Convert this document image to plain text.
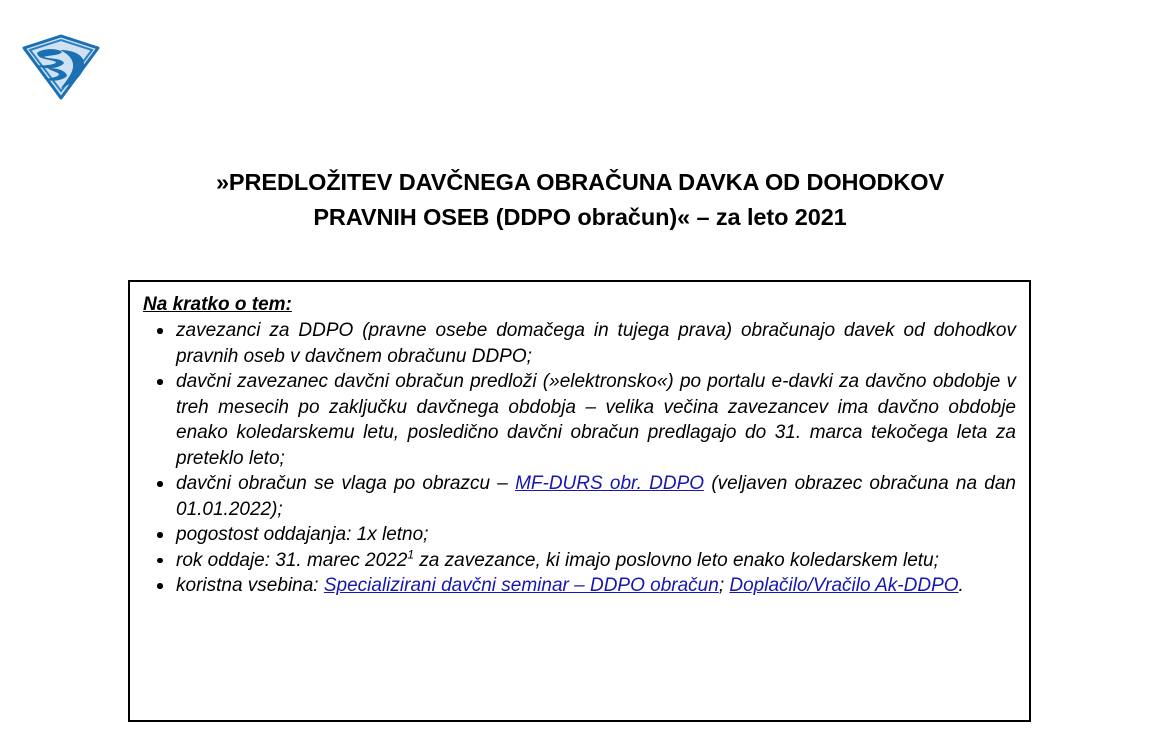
»PREDLOŽITEV DAVČNEGA OBRAČUNA DAVKA OD DOHODKOV
PRAVNIH OSEB (DDPO obračun)« – za leto 2021
Na kratko o tem:
zavezanci za DDPO (pravne osebe domačega in tujega prava) obračunajo davek od dohodkov pravnih oseb v davčnem obračunu DDPO;
davčni zavezanec davčni obračun predloži (»elektronsko«) po portalu e-davki za davčno obdobje v treh mesecih po zaključku davčnega obdobja – velika večina zavezancev ima davčno obdobje enako koledarskemu letu, posledično davčni obračun predlagajo do 31. marca tekočega leta za preteklo leto;
davčni obračun se vlaga po obrazcu – MF-DURS obr. DDPO (veljaven obrazec obračuna na dan 01.01.2022);
pogostost oddajanja: 1x letno;
rok oddaje: 31. marec 2022$^1$ za zavezance, ki imajo poslovno leto enako koledarskem letu;
koristna vsebina: Specializirani davčni seminar – DDPO obračun; Doplačilo/Vračilo Ak-DDPO.
